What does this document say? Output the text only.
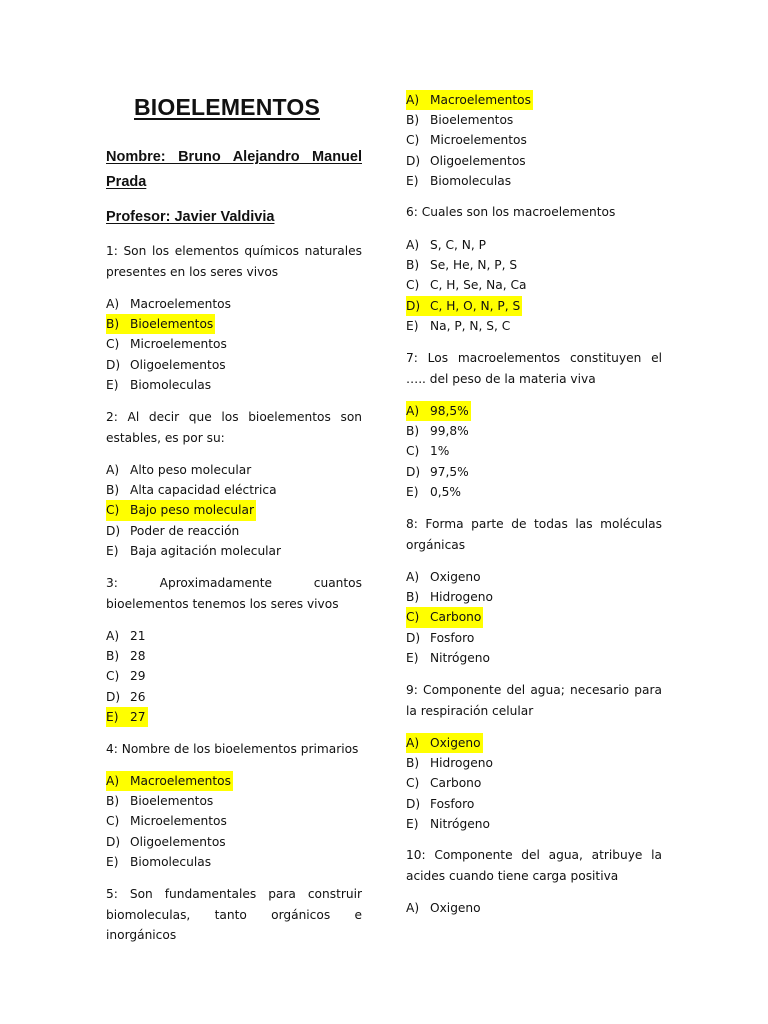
BIOELEMENTOS

Nombre: Bruno Alejandro Manuel Prada

Profesor: Javier Valdivia

1: Son los elementos químicos naturales presentes en los seres vivos

A) Macroelementos
B) Bioelementos
C) Microelementos
D) Oligoelementos
E) Biomoleculas

2: Al decir que los bioelementos son estables, es por su:

A) Alto peso molecular
B) Alta capacidad eléctrica
C) Bajo peso molecular
D) Poder de reacción
E) Baja agitación molecular

3: Aproximadamente cuantos bioelementos tenemos los seres vivos

A) 21
B) 28
C) 29
D) 26
E) 27

4: Nombre de los bioelementos primarios

A) Macroelementos
B) Bioelementos
C) Microelementos
D) Oligoelementos
E) Biomoleculas

5: Son fundamentales para construir biomoleculas, tanto orgánicos e inorgánicos

A) Macroelementos
B) Bioelementos
C) Microelementos
D) Oligoelementos
E) Biomoleculas

6: Cuales son los macroelementos

A) S, C, N, P
B) Se, He, N, P, S
C) C, H, Se, Na, Ca
D) C, H, O, N, P, S
E) Na, P, N, S, C

7: Los macroelementos constituyen el ….. del peso de la materia viva

A) 98,5%
B) 99,8%
C) 1%
D) 97,5%
E) 0,5%

8: Forma parte de todas las moléculas orgánicas

A) Oxigeno
B) Hidrogeno
C) Carbono
D) Fosforo
E) Nitrógeno

9: Componente del agua; necesario para la respiración celular

A) Oxigeno
B) Hidrogeno
C) Carbono
D) Fosforo
E) Nitrógeno

10: Componente del agua, atribuye la acides cuando tiene carga positiva

A) Oxigeno
